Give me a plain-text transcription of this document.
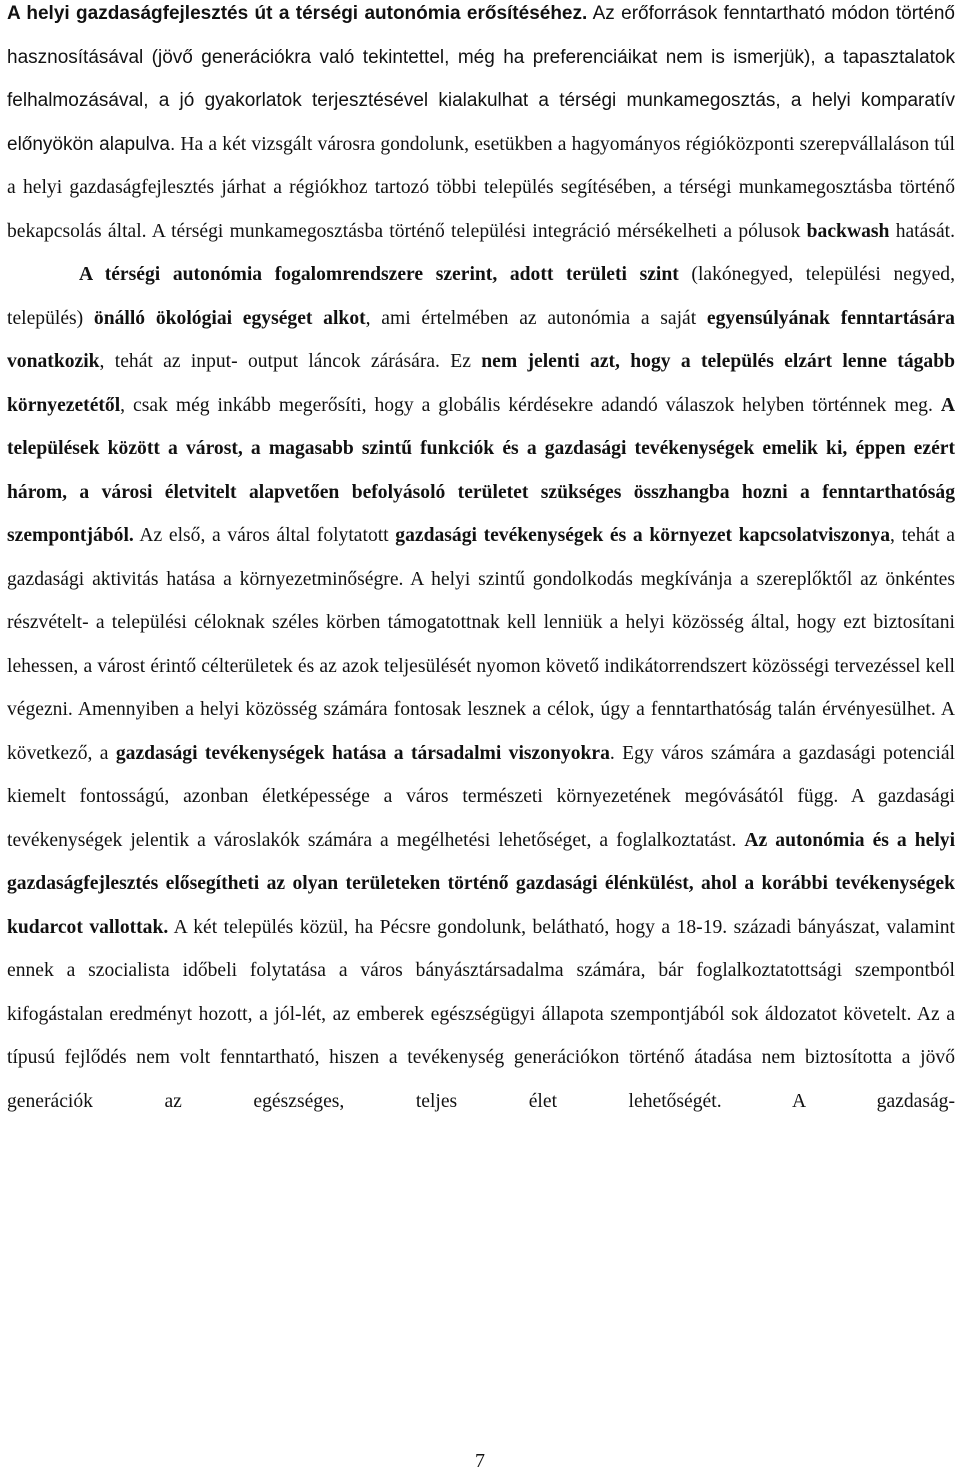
A helyi gazdaságfejlesztés út a térségi autonómia erősítéséhez. Az erőforrások fenntartható módon történő hasznosításával (jövő generációkra való tekintettel, még ha preferenciáikat nem is ismerjük), a tapasztalatok felhalmozásával, a jó gyakorlatok terjesztésével kialakulhat a térségi munkamegosztás, a helyi komparatív előnyökön alapulva. Ha a két vizsgált városra gondolunk, esetükben a hagyományos régióközponti szerepvállaláson túl a helyi gazdaságfejlesztés járhat a régiókhoz tartozó többi település segítésében, a térségi munkamegosztásba történő bekapcsolás által. A térségi munkamegosztásba történő települési integráció mérsékelheti a pólusok backwash hatását.

A térségi autonómia fogalomrendszere szerint, adott területi szint (lakónegyed, települési negyed, település) önálló ökológiai egységet alkot, ami értelmében az autonómia a saját egyensúlyának fenntartására vonatkozik, tehát az input- output láncok zárására. Ez nem jelenti azt, hogy a település elzárt lenne tágabb környezetétől, csak még inkább megerősíti, hogy a globális kérdésekre adandó válaszok helyben történnek meg. A települések között a várost, a magasabb szintű funkciók és a gazdasági tevékenységek emelik ki, éppen ezért három, a városi életvitelt alapvetően befolyásoló területet szükséges összhangba hozni a fenntarthatóság szempontjából. Az első, a város által folytatott gazdasági tevékenységek és a környezet kapcsolatviszonya, tehát a gazdasági aktivitás hatása a környezetminőségre. A helyi szintű gondolkodás megkívánja a szereplőktől az önkéntes részvételt- a települési céloknak széles körben támogatottnak kell lenniük a helyi közösség által, hogy ezt biztosítani lehessen, a várost érintő célterületek és az azok teljesülését nyomon követő indikátorrendszert közösségi tervezéssel kell végezni. Amennyiben a helyi közösség számára fontosak lesznek a célok, úgy a fenntarthatóság talán érvényesülhet. A következő, a gazdasági tevékenységek hatása a társadalmi viszonyokra. Egy város számára a gazdasági potenciál kiemelt fontosságú, azonban életképessége a város természeti környezetének megóvásától függ. A gazdasági tevékenységek jelentik a városlakók számára a megélhetési lehetőséget, a foglalkoztatást. Az autonómia és a helyi gazdaságfejlesztés elősegítheti az olyan területeken történő gazdasági élénkülést, ahol a korábbi tevékenységek kudarcot vallottak. A két település közül, ha Pécsre gondolunk, belátható, hogy a 18-19. századi bányászat, valamint ennek a szocialista időbeli folytatása a város bányásztársadalma számára, bár foglalkoztatottsági szempontból kifogástalan eredményt hozott, a jól-lét, az emberek egészségügyi állapota szempontjából sok áldozatot követelt. Az a típusú fejlődés nem volt fenntartható, hiszen a tevékenység generációkon történő átadása nem biztosította a jövő generációk az egészséges, teljes élet lehetőségét. A gazdaság-

7
